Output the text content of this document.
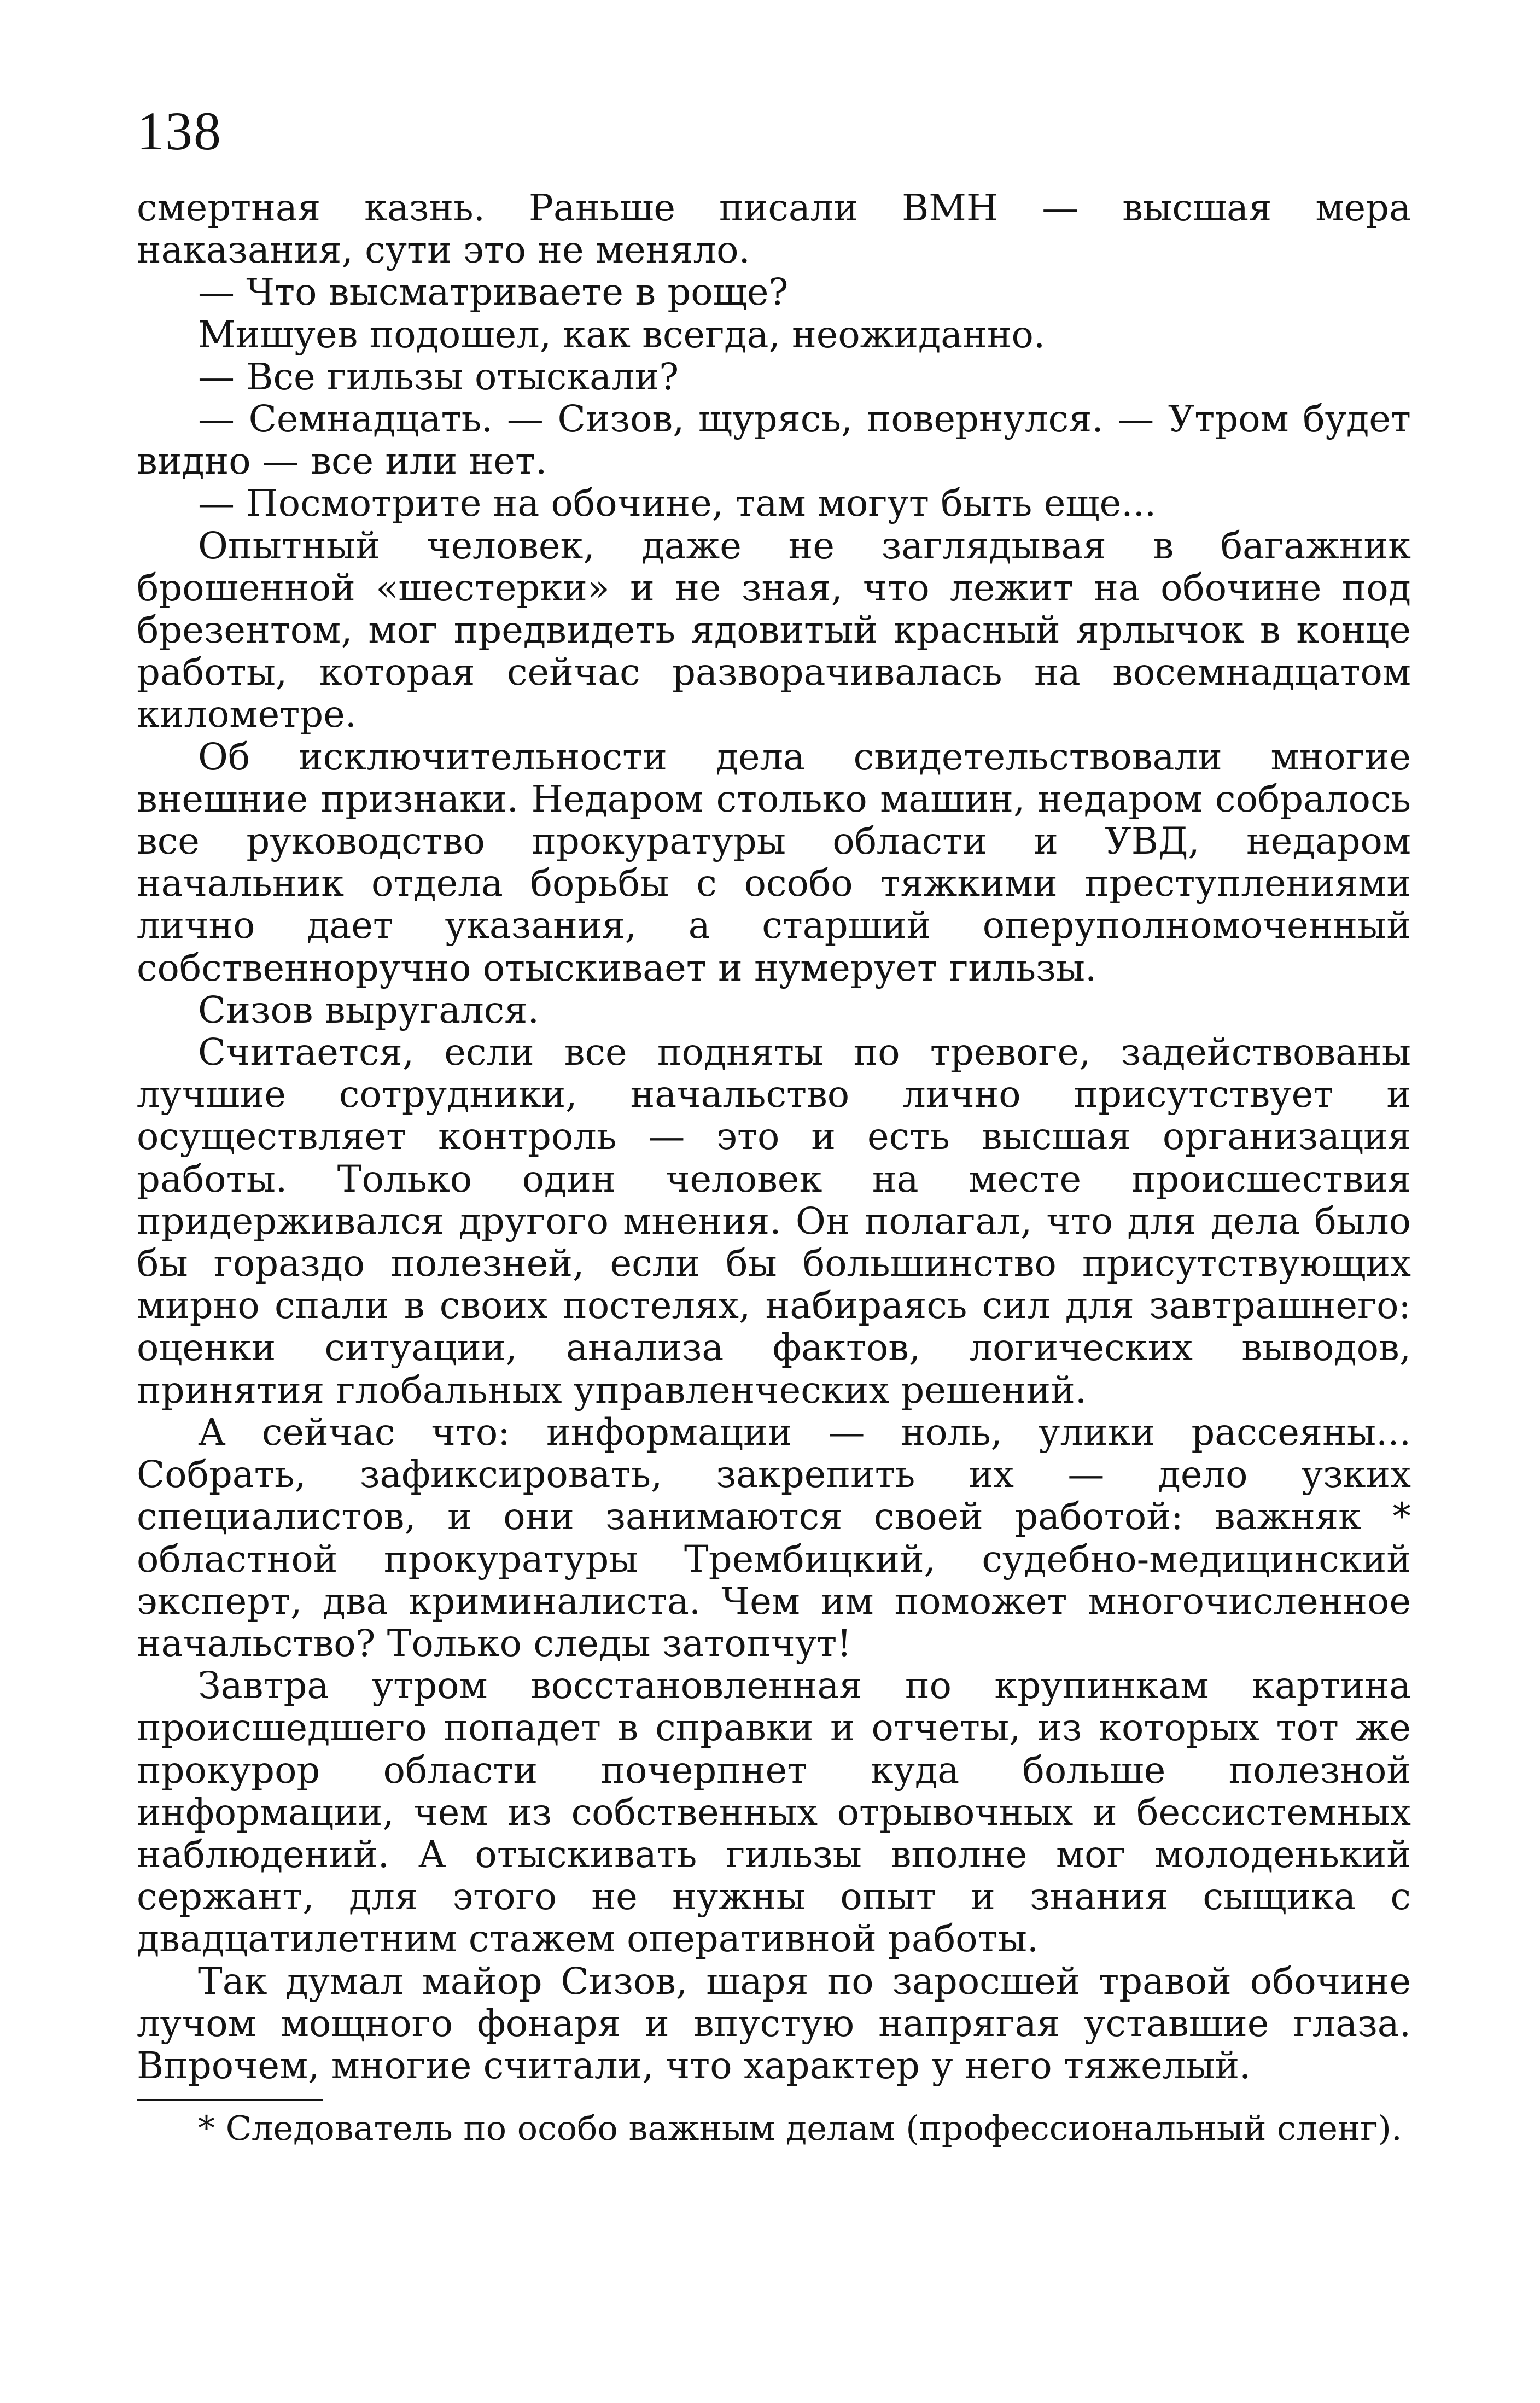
138

смертная казнь. Раньше писали ВМН — высшая мера наказания, сути это не меняло.

— Что высматриваете в роще?

Мишуев подошел, как всегда, неожиданно.

— Все гильзы отыскали?

— Семнадцать. — Сизов, щурясь, повернулся. — Утром будет видно — все или нет.

— Посмотрите на обочине, там могут быть еще...

Опытный человек, даже не заглядывая в багажник брошенной «шестерки» и не зная, что лежит на обочине под брезентом, мог предвидеть ядовитый красный ярлычок в конце работы, которая сейчас разворачивалась на восемнадцатом километре.

Об исключительности дела свидетельствовали многие внешние признаки. Недаром столько машин, недаром собралось все руководство прокуратуры области и УВД, недаром начальник отдела борьбы с особо тяжкими преступлениями лично дает указания, а старший оперуполномоченный собственноручно отыскивает и нумерует гильзы.

Сизов выругался.

Считается, если все подняты по тревоге, задействованы лучшие сотрудники, начальство лично присутствует и осуществляет контроль — это и есть высшая организация работы. Только один человек на месте происшествия придерживался другого мнения. Он полагал, что для дела было бы гораздо полезней, если бы большинство присутствующих мирно спали в своих постелях, набираясь сил для завтрашнего: оценки ситуации, анализа фактов, логических выводов, принятия глобальных управленческих решений.

А сейчас что: информации — ноль, улики рассеяны... Собрать, зафиксировать, закрепить их — дело узких специалистов, и они занимаются своей работой: важняк * областной прокуратуры Трембицкий, судебно-медицинский эксперт, два криминалиста. Чем им поможет многочисленное начальство? Только следы затопчут!

Завтра утром восстановленная по крупинкам картина происшедшего попадет в справки и отчеты, из которых тот же прокурор области почерпнет куда больше полезной информации, чем из собственных отрывочных и бессистемных наблюдений. А отыскивать гильзы вполне мог молоденький сержант, для этого не нужны опыт и знания сыщика с двадцатилетним стажем оперативной работы.

Так думал майор Сизов, шаря по заросшей травой обочине лучом мощного фонаря и впустую напрягая уставшие глаза. Впрочем, многие считали, что характер у него тяжелый.

* Следователь по особо важным делам (профессиональный сленг).
